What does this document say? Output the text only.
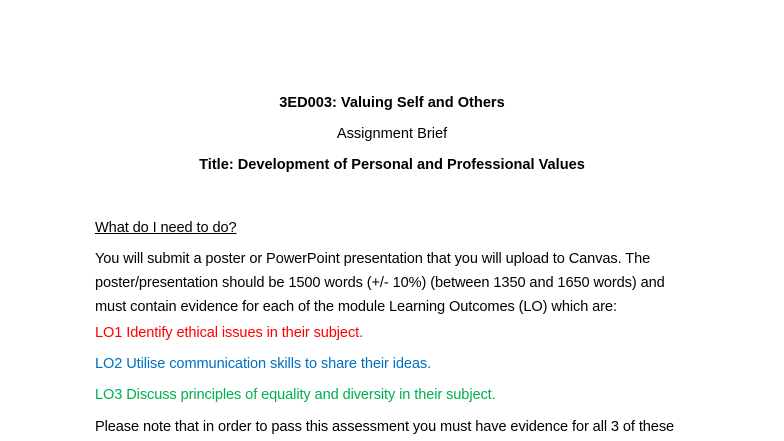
3ED003: Valuing Self and Others
Assignment Brief
Title: Development of Personal and Professional Values
What do I need to do?
You will submit a poster or PowerPoint presentation that you will upload to Canvas. The
poster/presentation should be 1500 words (+/- 10%) (between 1350 and 1650 words) and
must contain evidence for each of the module Learning Outcomes (LO) which are:
LO1 Identify ethical issues in their subject.
LO2 Utilise communication skills to share their ideas.
LO3 Discuss principles of equality and diversity in their subject.
Please note that in order to pass this assessment you must have evidence for all 3 of these
